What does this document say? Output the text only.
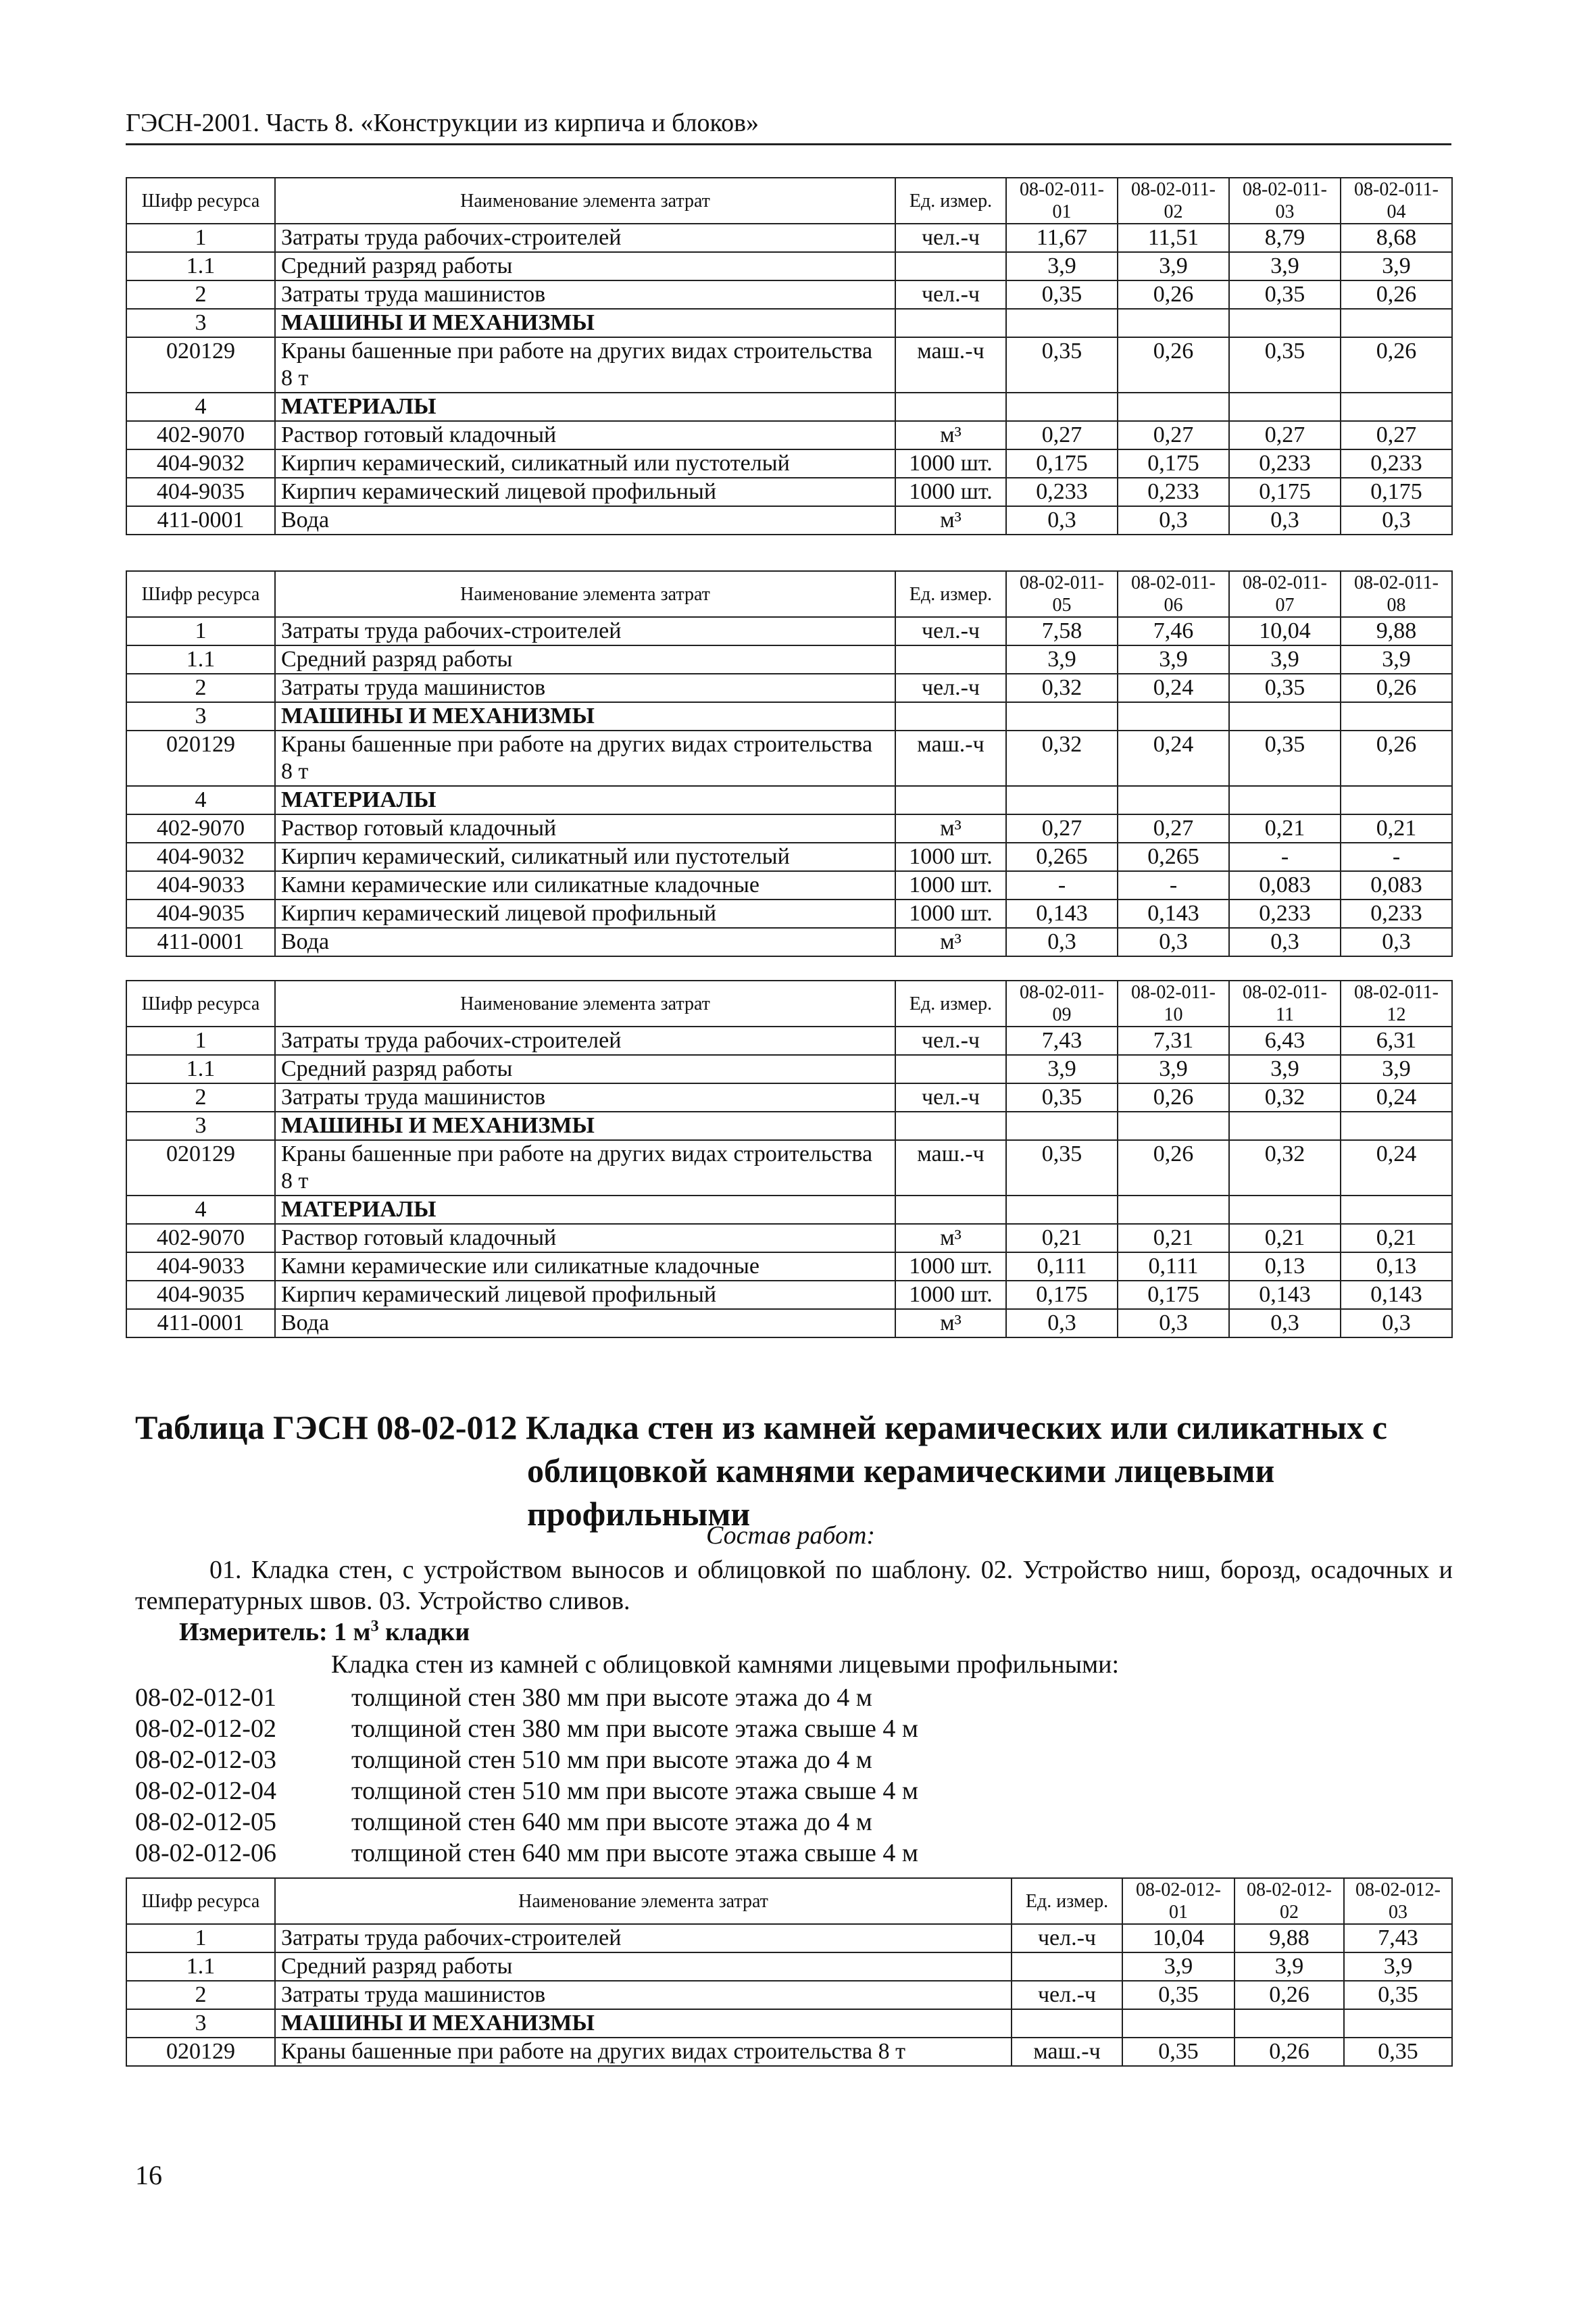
ГЭСН-2001. Часть 8. «Конструкции из кирпича и блоков»
Шифр ресурса	Наименование элемента затрат	Ед. измер.	08-02-011-01	08-02-011-02	08-02-011-03	08-02-011-04
1	Затраты труда рабочих-строителей	чел.-ч	11,67	11,51	8,79	8,68
1.1	Средний разряд работы		3,9	3,9	3,9	3,9
2	Затраты труда машинистов	чел.-ч	0,35	0,26	0,35	0,26
3	МАШИНЫ И МЕХАНИЗМЫ					
020129	Краны башенные при работе на других видах строительства 8 т	маш.-ч	0,35	0,26	0,35	0,26
4	МАТЕРИАЛЫ					
402-9070	Раствор готовый кладочный	м³	0,27	0,27	0,27	0,27
404-9032	Кирпич керамический, силикатный или пустотелый	1000 шт.	0,175	0,175	0,233	0,233
404-9035	Кирпич керамический лицевой профильный	1000 шт.	0,233	0,233	0,175	0,175
411-0001	Вода	м³	0,3	0,3	0,3	0,3
Шифр ресурса	Наименование элемента затрат	Ед. измер.	08-02-011-05	08-02-011-06	08-02-011-07	08-02-011-08
1	Затраты труда рабочих-строителей	чел.-ч	7,58	7,46	10,04	9,88
1.1	Средний разряд работы		3,9	3,9	3,9	3,9
2	Затраты труда машинистов	чел.-ч	0,32	0,24	0,35	0,26
3	МАШИНЫ И МЕХАНИЗМЫ					
020129	Краны башенные при работе на других видах строительства 8 т	маш.-ч	0,32	0,24	0,35	0,26
4	МАТЕРИАЛЫ					
402-9070	Раствор готовый кладочный	м³	0,27	0,27	0,21	0,21
404-9032	Кирпич керамический, силикатный или пустотелый	1000 шт.	0,265	0,265	-	-
404-9033	Камни керамические или силикатные кладочные	1000 шт.	-	-	0,083	0,083
404-9035	Кирпич керамический лицевой профильный	1000 шт.	0,143	0,143	0,233	0,233
411-0001	Вода	м³	0,3	0,3	0,3	0,3
Шифр ресурса	Наименование элемента затрат	Ед. измер.	08-02-011-09	08-02-011-10	08-02-011-11	08-02-011-12
1	Затраты труда рабочих-строителей	чел.-ч	7,43	7,31	6,43	6,31
1.1	Средний разряд работы		3,9	3,9	3,9	3,9
2	Затраты труда машинистов	чел.-ч	0,35	0,26	0,32	0,24
3	МАШИНЫ И МЕХАНИЗМЫ					
020129	Краны башенные при работе на других видах строительства 8 т	маш.-ч	0,35	0,26	0,32	0,24
4	МАТЕРИАЛЫ					
402-9070	Раствор готовый кладочный	м³	0,21	0,21	0,21	0,21
404-9033	Камни керамические или силикатные кладочные	1000 шт.	0,111	0,111	0,13	0,13
404-9035	Кирпич керамический лицевой профильный	1000 шт.	0,175	0,175	0,143	0,143
411-0001	Вода	м³	0,3	0,3	0,3	0,3
Таблица ГЭСН 08-02-012 Кладка стен из камней керамических или силикатных с
облицовкой камнями керамическими лицевыми
профильными
Состав работ:
01. Кладка стен, с устройством выносов и облицовкой по шаблону. 02. Устройство ниш, борозд, осадочных и температурных швов. 03. Устройство сливов.
Измеритель: 1 $м^3$ кладки
Кладка стен из камней с облицовкой камнями лицевыми профильными:
08-02-012-01	толщиной стен 380 мм при высоте этажа до 4 м
08-02-012-02	толщиной стен 380 мм при высоте этажа свыше 4 м
08-02-012-03	толщиной стен 510 мм при высоте этажа до 4 м
08-02-012-04	толщиной стен 510 мм при высоте этажа свыше 4 м
08-02-012-05	толщиной стен 640 мм при высоте этажа до 4 м
08-02-012-06	толщиной стен 640 мм при высоте этажа свыше 4 м
Шифр ресурса	Наименование элемента затрат	Ед. измер.	08-02-012-01	08-02-012-02	08-02-012-03
1	Затраты труда рабочих-строителей	чел.-ч	10,04	9,88	7,43
1.1	Средний разряд работы		3,9	3,9	3,9
2	Затраты труда машинистов	чел.-ч	0,35	0,26	0,35
3	МАШИНЫ И МЕХАНИЗМЫ				
020129	Краны башенные при работе на других видах строительства 8 т	маш.-ч	0,35	0,26	0,35
16
